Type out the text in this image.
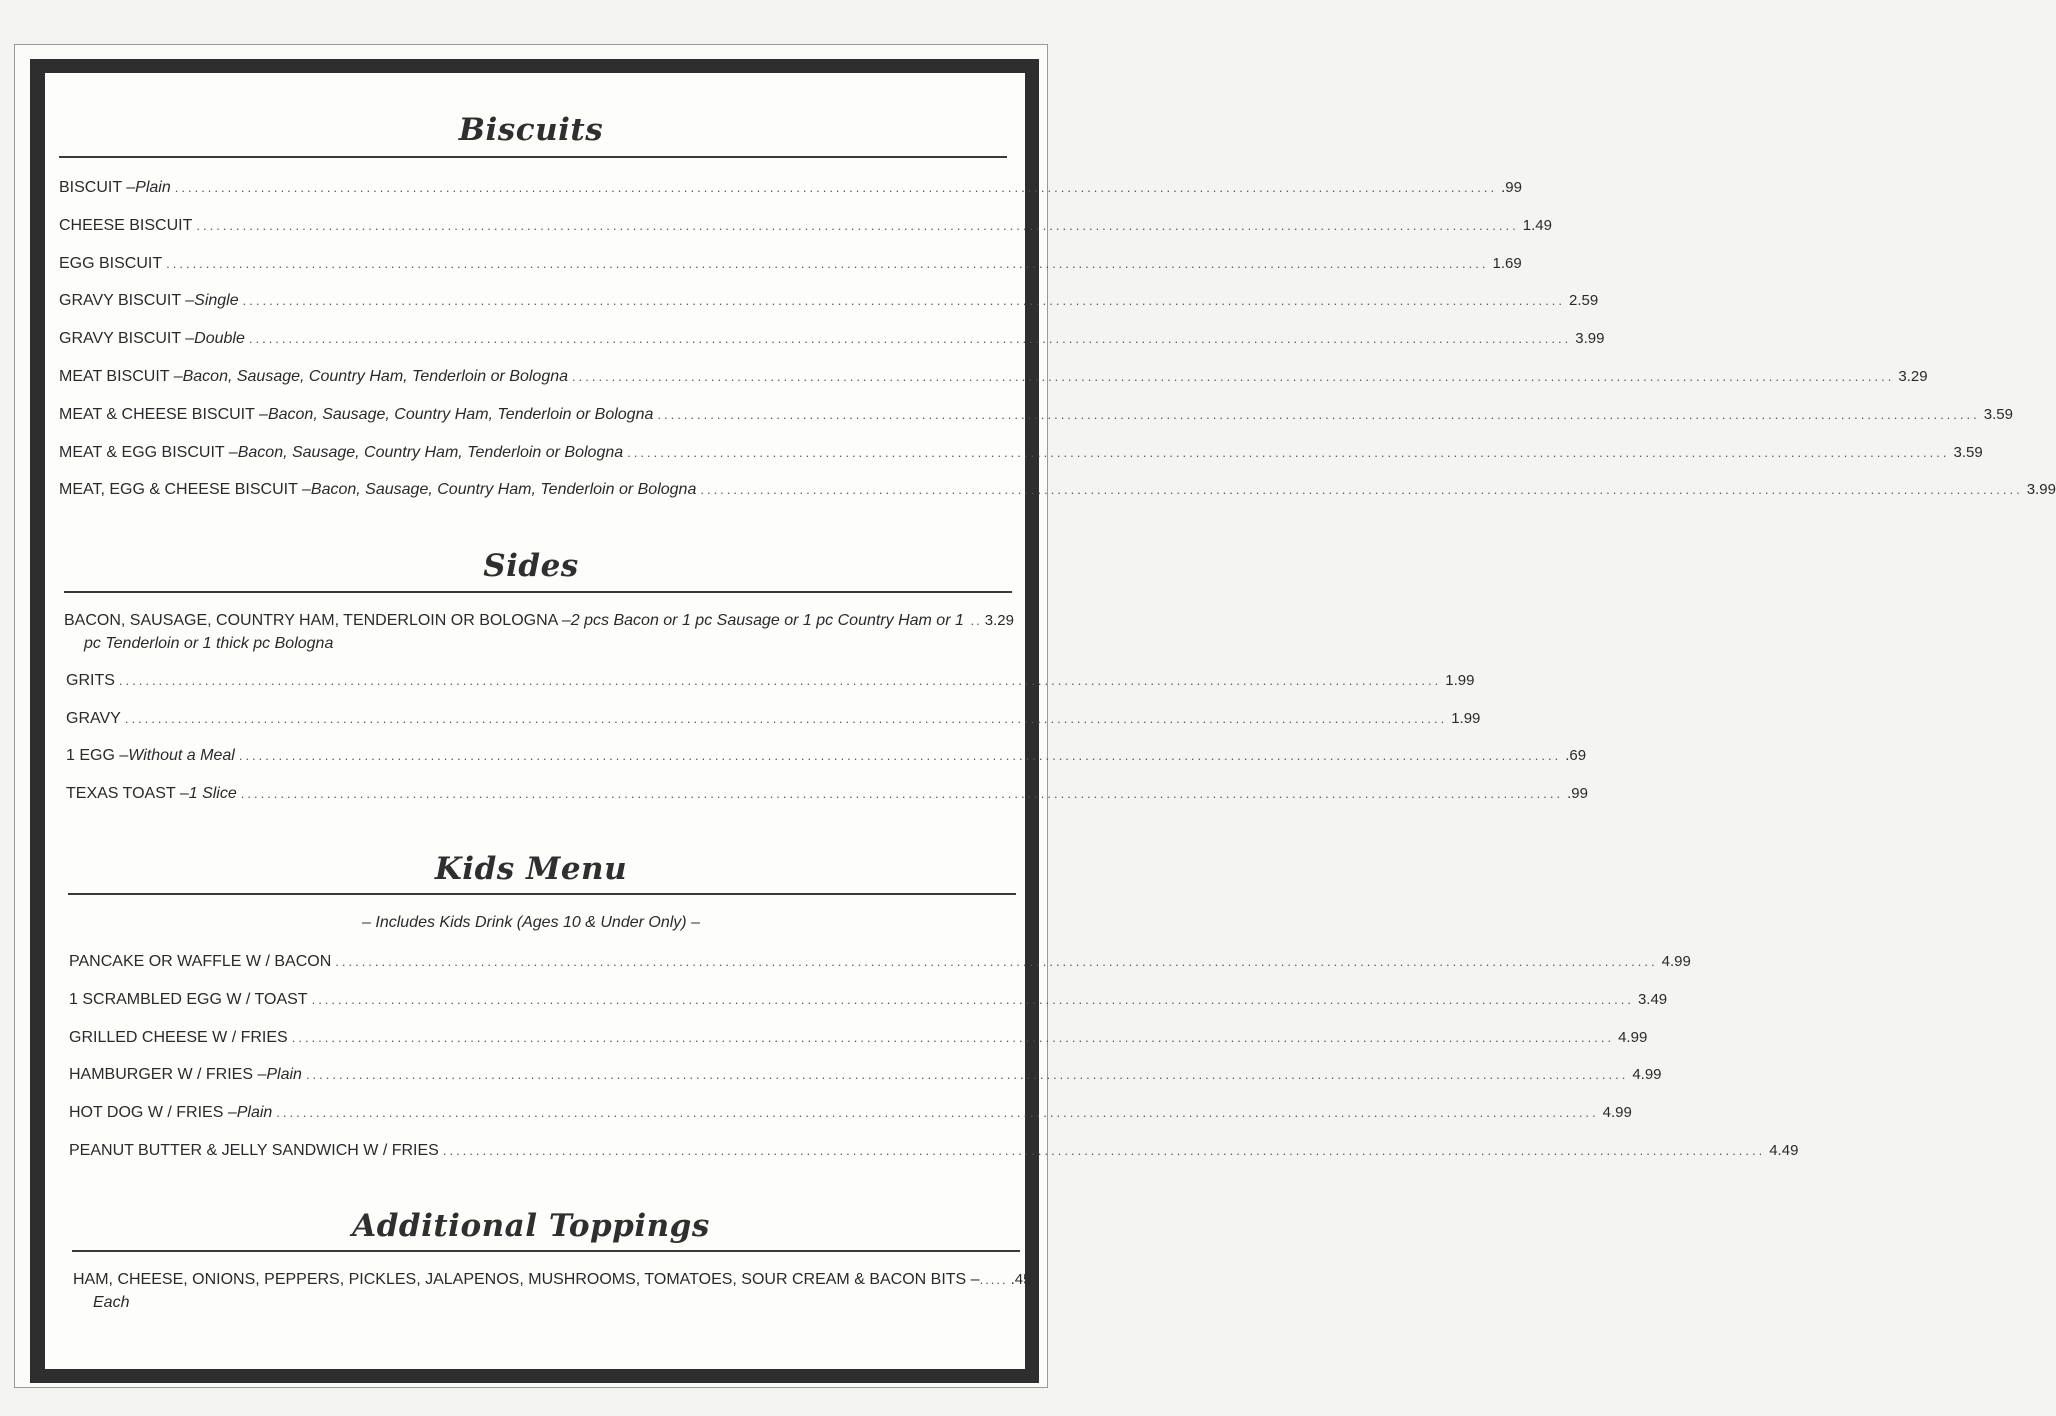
Biscuits
BISCUIT – Plain ........................................................................................................................................................................................................ .99
CHEESE BISCUIT ........................................................................................................................................................................................................ 1.49
EGG BISCUIT ........................................................................................................................................................................................................ 1.69
GRAVY BISCUIT – Single ........................................................................................................................................................................................................ 2.59
GRAVY BISCUIT – Double ........................................................................................................................................................................................................ 3.99
MEAT BISCUIT – Bacon, Sausage, Country Ham, Tenderloin or Bologna ........................................................................................................................................................................................................ 3.29
MEAT & CHEESE BISCUIT – Bacon, Sausage, Country Ham, Tenderloin or Bologna ........................................................................................................................................................................................................ 3.59
MEAT & EGG BISCUIT – Bacon, Sausage, Country Ham, Tenderloin or Bologna ........................................................................................................................................................................................................ 3.59
MEAT, EGG & CHEESE BISCUIT – Bacon, Sausage, Country Ham, Tenderloin or Bologna ........................................................................................................................................................................................................ 3.99
Sides
BACON, SAUSAGE, COUNTRY HAM, TENDERLOIN OR BOLOGNA – 2 pcs Bacon or 1 pc Sausage or 1 pc Country Ham or 1 .. 3.29
pc Tenderloin or 1 thick pc Bologna
GRITS ........................................................................................................................................................................................................ 1.99
GRAVY ........................................................................................................................................................................................................ 1.99
1 EGG – Without a Meal ........................................................................................................................................................................................................ .69
TEXAS TOAST – 1 Slice ........................................................................................................................................................................................................ .99
Kids Menu
– Includes Kids Drink (Ages 10 & Under Only) –
PANCAKE OR WAFFLE W / BACON ........................................................................................................................................................................................................ 4.99
1 SCRAMBLED EGG W / TOAST ........................................................................................................................................................................................................ 3.49
GRILLED CHEESE W / FRIES ........................................................................................................................................................................................................ 4.99
HAMBURGER W / FRIES – Plain ........................................................................................................................................................................................................ 4.99
HOT DOG W / FRIES – Plain ........................................................................................................................................................................................................ 4.99
PEANUT BUTTER & JELLY SANDWICH W / FRIES ........................................................................................................................................................................................................ 4.49
Additional Toppings
HAM, CHEESE, ONIONS, PEPPERS, PICKLES, JALAPENOS, MUSHROOMS, TOMATOES, SOUR CREAM & BACON BITS – ..... .45
Each
